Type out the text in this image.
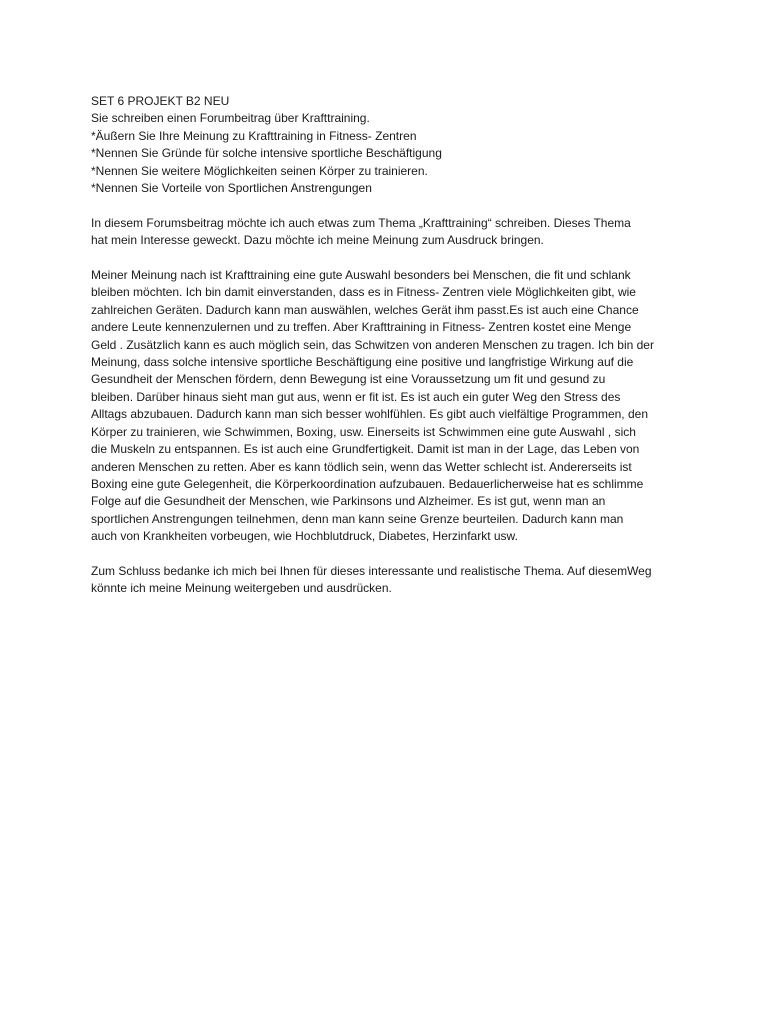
SET 6 PROJEKT B2 NEU
Sie schreiben einen Forumbeitrag über Krafttraining.
*Äußern Sie Ihre Meinung zu Krafttraining in Fitness- Zentren
*Nennen Sie Gründe für solche intensive sportliche Beschäftigung
*Nennen Sie weitere Möglichkeiten seinen Körper zu trainieren.
*Nennen Sie Vorteile von Sportlichen Anstrengungen
In diesem Forumsbeitrag möchte ich auch etwas zum Thema „Krafttraining“ schreiben. Dieses Thema
hat mein Interesse geweckt. Dazu möchte ich meine Meinung zum Ausdruck bringen.
Meiner Meinung nach ist Krafttraining eine gute Auswahl besonders bei Menschen, die fit und schlank
bleiben möchten. Ich bin damit einverstanden, dass es in Fitness- Zentren viele Möglichkeiten gibt, wie
zahlreichen Geräten. Dadurch kann man auswählen, welches Gerät ihm passt.Es ist auch eine Chance
andere Leute kennenzulernen und zu treffen. Aber Krafttraining in Fitness- Zentren kostet eine Menge
Geld . Zusätzlich kann es auch möglich sein, das Schwitzen von anderen Menschen zu tragen. Ich bin der
Meinung, dass solche intensive sportliche Beschäftigung eine positive und langfristige Wirkung auf die
Gesundheit der Menschen fördern, denn Bewegung ist eine Voraussetzung um fit und gesund zu
bleiben. Darüber hinaus sieht man gut aus, wenn er fit ist. Es ist auch ein guter Weg den Stress des
Alltags abzubauen. Dadurch kann man sich besser wohlfühlen. Es gibt auch vielfältige Programmen, den
Körper zu trainieren, wie Schwimmen, Boxing, usw. Einerseits ist Schwimmen eine gute Auswahl , sich
die Muskeln zu entspannen. Es ist auch eine Grundfertigkeit. Damit ist man in der Lage, das Leben von
anderen Menschen zu retten. Aber es kann tödlich sein, wenn das Wetter schlecht ist. Andererseits ist
Boxing eine gute Gelegenheit, die Körperkoordination aufzubauen. Bedauerlicherweise hat es schlimme
Folge auf die Gesundheit der Menschen, wie Parkinsons und Alzheimer. Es ist gut, wenn man an
sportlichen Anstrengungen teilnehmen, denn man kann seine Grenze beurteilen. Dadurch kann man
auch von Krankheiten vorbeugen, wie Hochblutdruck, Diabetes, Herzinfarkt usw.
Zum Schluss bedanke ich mich bei Ihnen für dieses interessante und realistische Thema. Auf diesemWeg
könnte ich meine Meinung weitergeben und ausdrücken.
